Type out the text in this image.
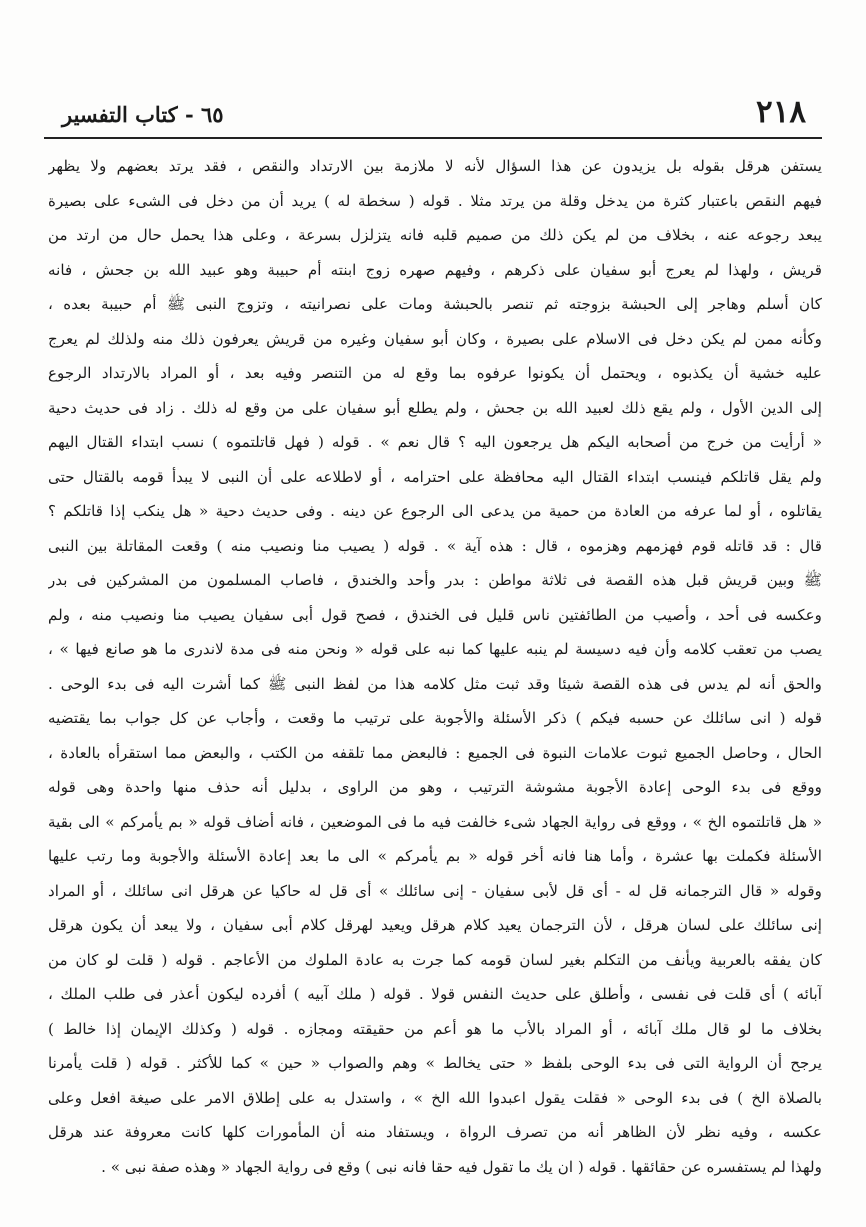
٦٥ - كتاب التفسير	٢١٨
يستفن هرقل بقوله بل يزيدون عن هذا السؤال لأنه لا ملازمة بين الارتداد والنقص ، فقد يرتد بعضهم ولا يظهر
فيهم النقص باعتبار كثرة من يدخل وقلة من يرتد مثلا . قوله ( سخطة له ) يريد أن من دخل فى الشىء على بصيرة
يبعد رجوعه عنه ، بخلاف من لم يكن ذلك من صميم قلبه فانه يتزلزل بسرعة ، وعلى هذا يحمل حال من ارتد من
قريش ، ولهذا لم يعرج أبو سفيان على ذكرهم ، وفيهم صهره زوج ابنته أم حبيبة وهو عبيد الله بن جحش ، فانه
كان أسلم وهاجر إلى الحبشة بزوجته ثم تنصر بالحبشة ومات على نصرانيته ، وتزوج النبى ﷺ أم حبيبة بعده ،
وكأنه ممن لم يكن دخل فى الاسلام على بصيرة ، وكان أبو سفيان وغيره من قريش يعرفون ذلك منه ولذلك لم يعرج
عليه خشية أن يكذبوه ، ويحتمل أن يكونوا عرفوه بما وقع له من التنصر وفيه بعد ، أو المراد بالارتداد الرجوع
إلى الدين الأول ، ولم يقع ذلك لعبيد الله بن جحش ، ولم يطلع أبو سفيان على من وقع له ذلك . زاد فى حديث دحية
« أرأيت من خرج من أصحابه اليكم هل يرجعون اليه ؟ قال نعم » . قوله ( فهل قاتلتموه ) نسب ابتداء القتال اليهم
ولم يقل قاتلكم فينسب ابتداء القتال اليه محافظة على احترامه ، أو لاطلاعه على أن النبى لا يبدأ قومه بالقتال حتى
يقاتلوه ، أو لما عرفه من العادة من حمية من يدعى الى الرجوع عن دينه . وفى حديث دحية « هل ينكب إذا قاتلكم ؟
قال : قد قاتله قوم فهزمهم وهزموه ، قال : هذه آية » . قوله ( يصيب منا ونصيب منه ) وقعت المقاتلة بين النبى
ﷺ وبين قريش قبل هذه القصة فى ثلاثة مواطن : بدر وأحد والخندق ، فاصاب المسلمون من المشركين فى بدر
وعكسه فى أحد ، وأصيب من الطائفتين ناس قليل فى الخندق ، فصح قول أبى سفيان يصيب منا ونصيب منه ، ولم
يصب من تعقب كلامه وأن فيه دسيسة لم ينبه عليها كما نبه على قوله « ونحن منه فى مدة لاندرى ما هو صانع فيها » ،
والحق أنه لم يدس فى هذه القصة شيئا وقد ثبت مثل كلامه هذا من لفظ النبى ﷺ كما أشرت اليه فى بدء الوحى .
قوله ( انى سائلك عن حسبه فيكم ) ذكر الأسئلة والأجوبة على ترتيب ما وقعت ، وأجاب عن كل جواب بما يقتضيه
الحال ، وحاصل الجميع ثبوت علامات النبوة فى الجميع : فالبعض مما تلقفه من الكتب ، والبعض مما استقرأه بالعادة ،
ووقع فى بدء الوحى إعادة الأجوبة مشوشة الترتيب ، وهو من الراوى ، بدليل أنه حذف منها واحدة وهى قوله
« هل قاتلتموه الخ » ، ووقع فى رواية الجهاد شىء خالفت فيه ما فى الموضعين ، فانه أضاف قوله « بم يأمركم » الى بقية
الأسئلة فكملت بها عشرة ، وأما هنا فانه أخر قوله « بم يأمركم » الى ما بعد إعادة الأسئلة والأجوبة وما رتب عليها
وقوله « قال الترجمانه قل له - أى قل لأبى سفيان - إنى سائلك » أى قل له حاكيا عن هرقل انى سائلك ، أو المراد
إنى سائلك على لسان هرقل ، لأن الترجمان يعيد كلام هرقل ويعيد لهرقل كلام أبى سفيان ، ولا يبعد أن يكون هرقل
كان يفقه بالعربية ويأنف من التكلم بغير لسان قومه كما جرت به عادة الملوك من الأعاجم . قوله ( قلت لو كان من
آبائه ) أى قلت فى نفسى ، وأطلق على حديث النفس قولا . قوله ( ملك آبيه ) أفرده ليكون أعذر فى طلب الملك ،
بخلاف ما لو قال ملك آبائه ، أو المراد بالأب ما هو أعم من حقيقته ومجازه . قوله ( وكذلك الإيمان إذا خالط )
يرجح أن الرواية التى فى بدء الوحى بلفظ « حتى يخالط » وهم والصواب « حين » كما للأكثر . قوله ( قلت يأمرنا
بالصلاة الخ ) فى بدء الوحى « فقلت يقول اعبدوا الله الخ » ، واستدل به على إطلاق الامر على صيغة افعل وعلى
عكسه ، وفيه نظر لأن الظاهر أنه من تصرف الرواة ، ويستفاد منه أن المأمورات كلها كانت معروفة عند هرقل
ولهذا لم يستفسره عن حقائقها . قوله ( ان يك ما تقول فيه حقا فانه نبى ) وقع فى رواية الجهاد « وهذه صفة نبى » .
